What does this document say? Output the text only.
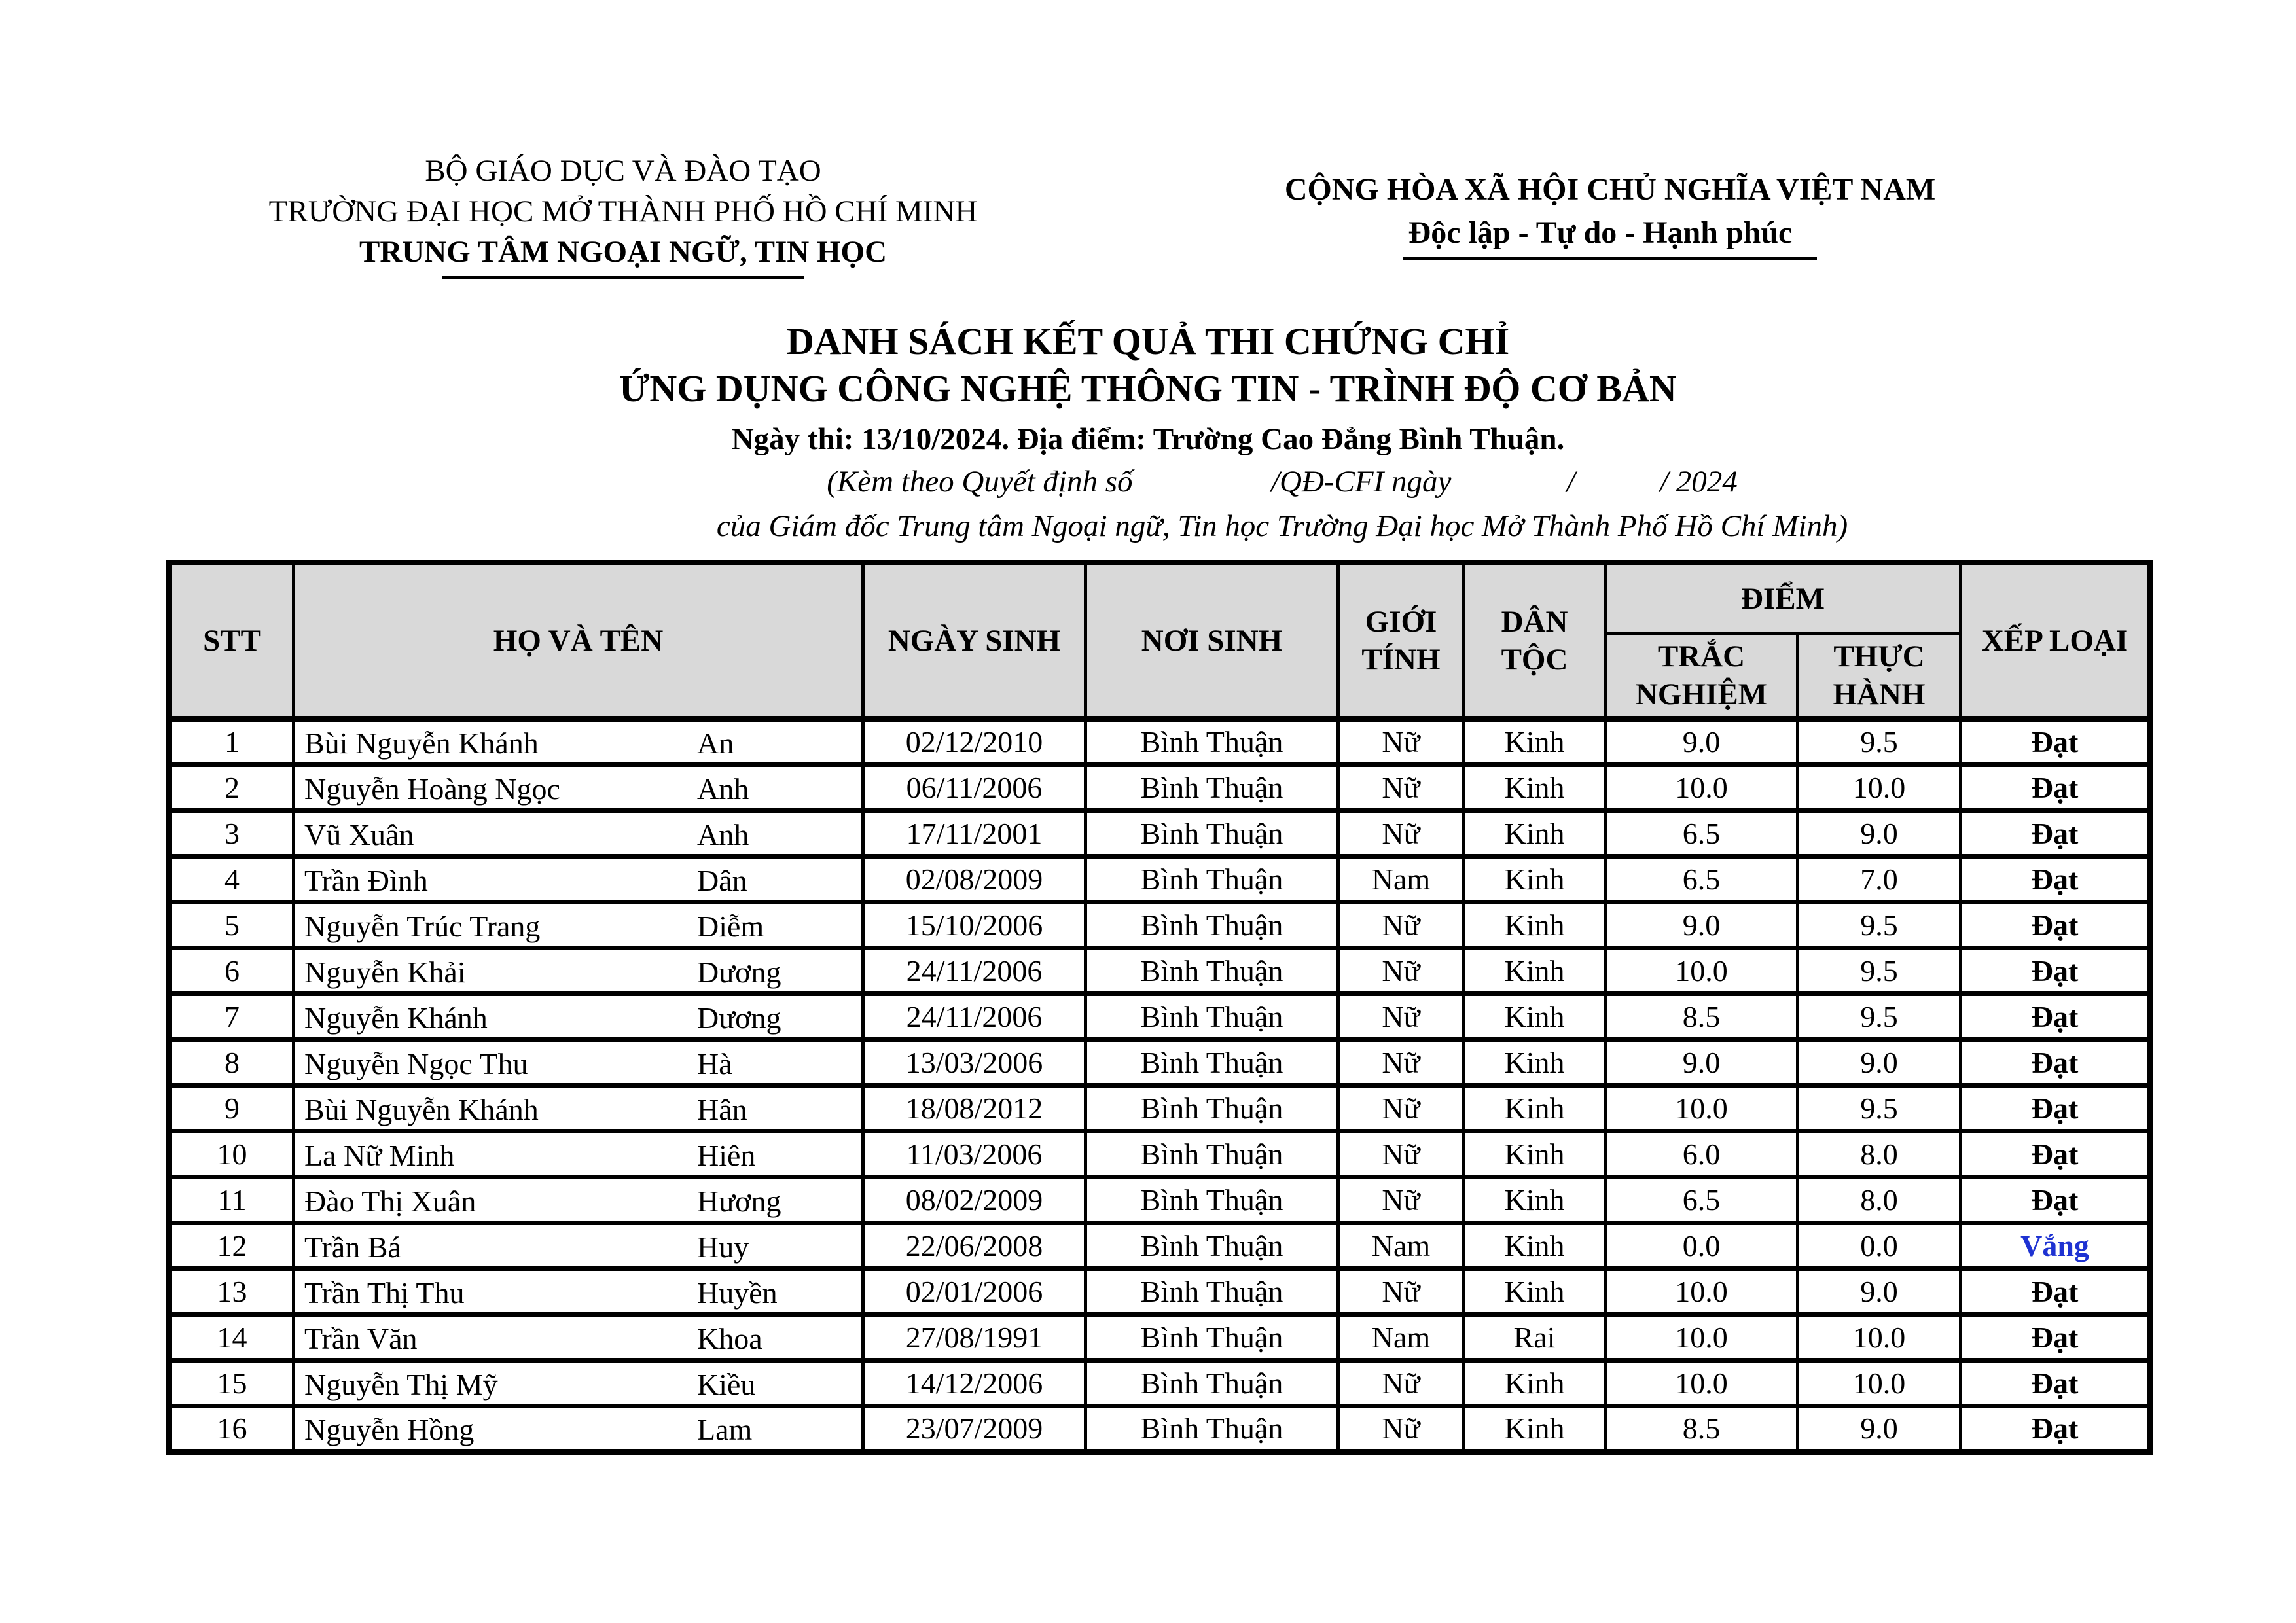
BỘ GIÁO DỤC VÀ ĐÀO TẠO
TRƯỜNG ĐẠI HỌC MỞ THÀNH PHỐ HỒ CHÍ MINH
TRUNG TÂM NGOẠI NGỮ, TIN HỌC
CỘNG HÒA XÃ HỘI CHỦ NGHĨA VIỆT NAM
Độc lập - Tự do - Hạnh phúc
DANH SÁCH KẾT QUẢ THI CHỨNG CHỈ
ỨNG DỤNG CÔNG NGHỆ THÔNG TIN - TRÌNH ĐỘ CƠ BẢN
Ngày thi: 13/10/2024. Địa điểm: Trường Cao Đẳng Bình Thuận.
(Kèm theo Quyết định số                  /QĐ-CFI ngày               /           / 2024
của Giám đốc Trung tâm Ngoại ngữ, Tin học Trường Đại học Mở Thành Phố Hồ Chí Minh)
STT	HỌ VÀ TÊN	NGÀY SINH	NƠI SINH	GIỚI TÍNH	DÂN TỘC	ĐIỂM		XẾP LOẠI
						TRẮC NGHIỆM	THỰC HÀNH	
1	Bùi Nguyễn Khánh An	02/12/2010	Bình Thuận	Nữ	Kinh	9.0	9.5	Đạt
2	Nguyễn Hoàng Ngọc Anh	06/11/2006	Bình Thuận	Nữ	Kinh	10.0	10.0	Đạt
3	Vũ Xuân Anh	17/11/2001	Bình Thuận	Nữ	Kinh	6.5	9.0	Đạt
4	Trần Đình Dân	02/08/2009	Bình Thuận	Nam	Kinh	6.5	7.0	Đạt
5	Nguyễn Trúc Trang Diễm	15/10/2006	Bình Thuận	Nữ	Kinh	9.0	9.5	Đạt
6	Nguyễn Khải Dương	24/11/2006	Bình Thuận	Nữ	Kinh	10.0	9.5	Đạt
7	Nguyễn Khánh Dương	24/11/2006	Bình Thuận	Nữ	Kinh	8.5	9.5	Đạt
8	Nguyễn Ngọc Thu Hà	13/03/2006	Bình Thuận	Nữ	Kinh	9.0	9.0	Đạt
9	Bùi Nguyễn Khánh Hân	18/08/2012	Bình Thuận	Nữ	Kinh	10.0	9.5	Đạt
10	La Nữ Minh Hiên	11/03/2006	Bình Thuận	Nữ	Kinh	6.0	8.0	Đạt
11	Đào Thị Xuân Hương	08/02/2009	Bình Thuận	Nữ	Kinh	6.5	8.0	Đạt
12	Trần Bá Huy	22/06/2008	Bình Thuận	Nam	Kinh	0.0	0.0	Vắng
13	Trần Thị Thu Huyền	02/01/2006	Bình Thuận	Nữ	Kinh	10.0	9.0	Đạt
14	Trần Văn Khoa	27/08/1991	Bình Thuận	Nam	Rai	10.0	10.0	Đạt
15	Nguyễn Thị Mỹ Kiều	14/12/2006	Bình Thuận	Nữ	Kinh	10.0	10.0	Đạt
16	Nguyễn Hồng Lam	23/07/2009	Bình Thuận	Nữ	Kinh	8.5	9.0	Đạt
